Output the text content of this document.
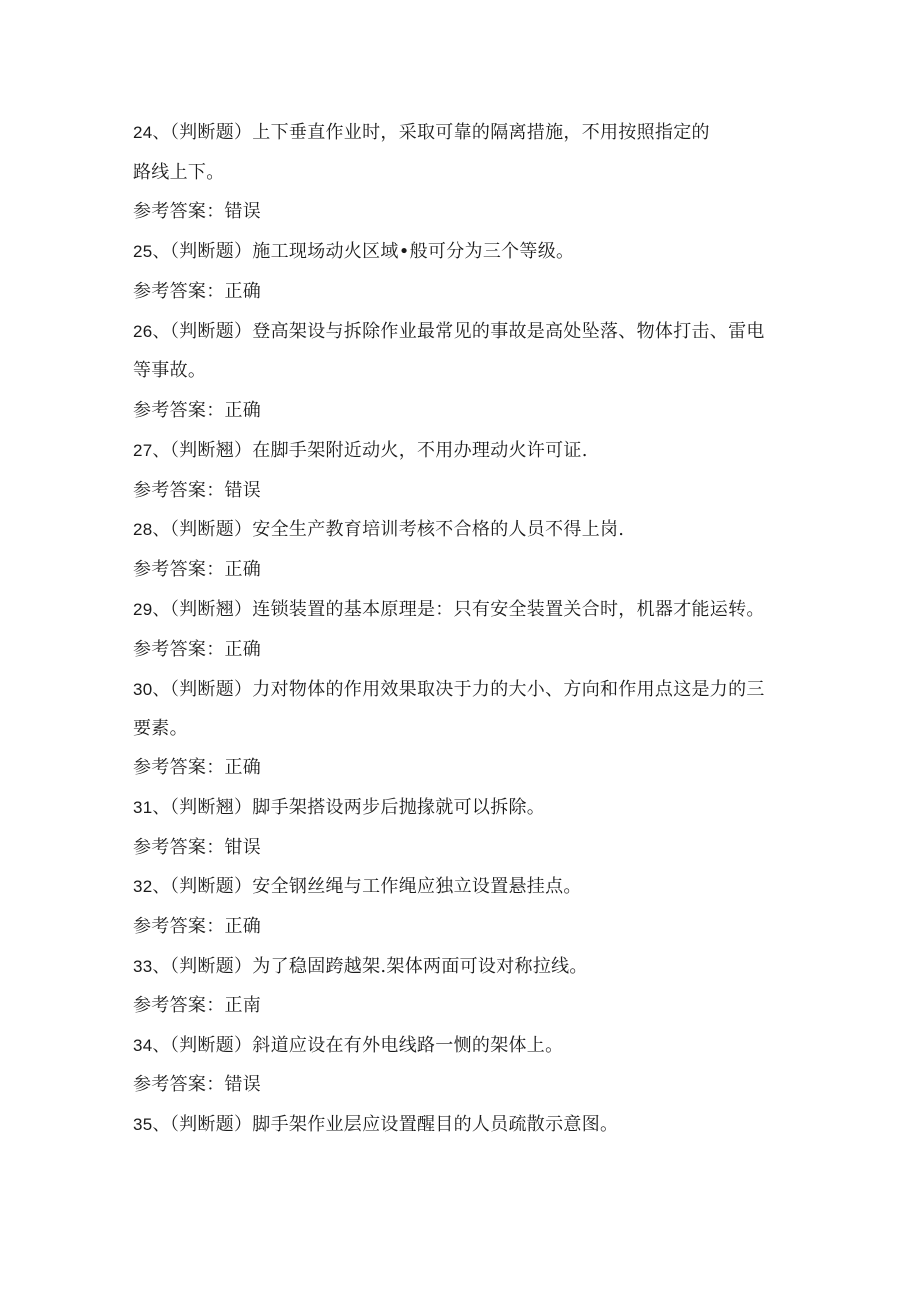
24、（判断题）上下垂直作业时，采取可靠的隔离措施，不用按照指定的
路线上下。
参考答案：错误
25、（判断题）施工现场动火区域•般可分为三个等级。
参考答案：正确
26、（判断题）登高架设与拆除作业最常见的事故是高处坠落、物体打击、雷电
等事故。
参考答案：正确
27、（判断翘）在脚手架附近动火，不用办理动火许可证.
参考答案：错误
28、（判断题）安全生产教育培训考核不合格的人员不得上岗.
参考答案：正确
29、（判断翘）连锁装置的基本原理是：只有安全装置关合时，机器才能运转。
参考答案：正确
30、（判断题）力对物体的作用效果取决于力的大小、方向和作用点这是力的三
要素。
参考答案：正确
31、（判断翘）脚手架搭设两步后抛掾就可以拆除。
参考答案：钳误
32、（判断题）安全钢丝绳与工作绳应独立设置悬挂点。
参考答案：正确
33、（判断题）为了稳固跨越架.架体两面可设对称拉线。
参考答案：正南
34、（判断题）斜道应设在有外电线路一恻的架体上。
参考答案：错误
35、（判断题）脚手架作业层应设置醒目的人员疏散示意图。
